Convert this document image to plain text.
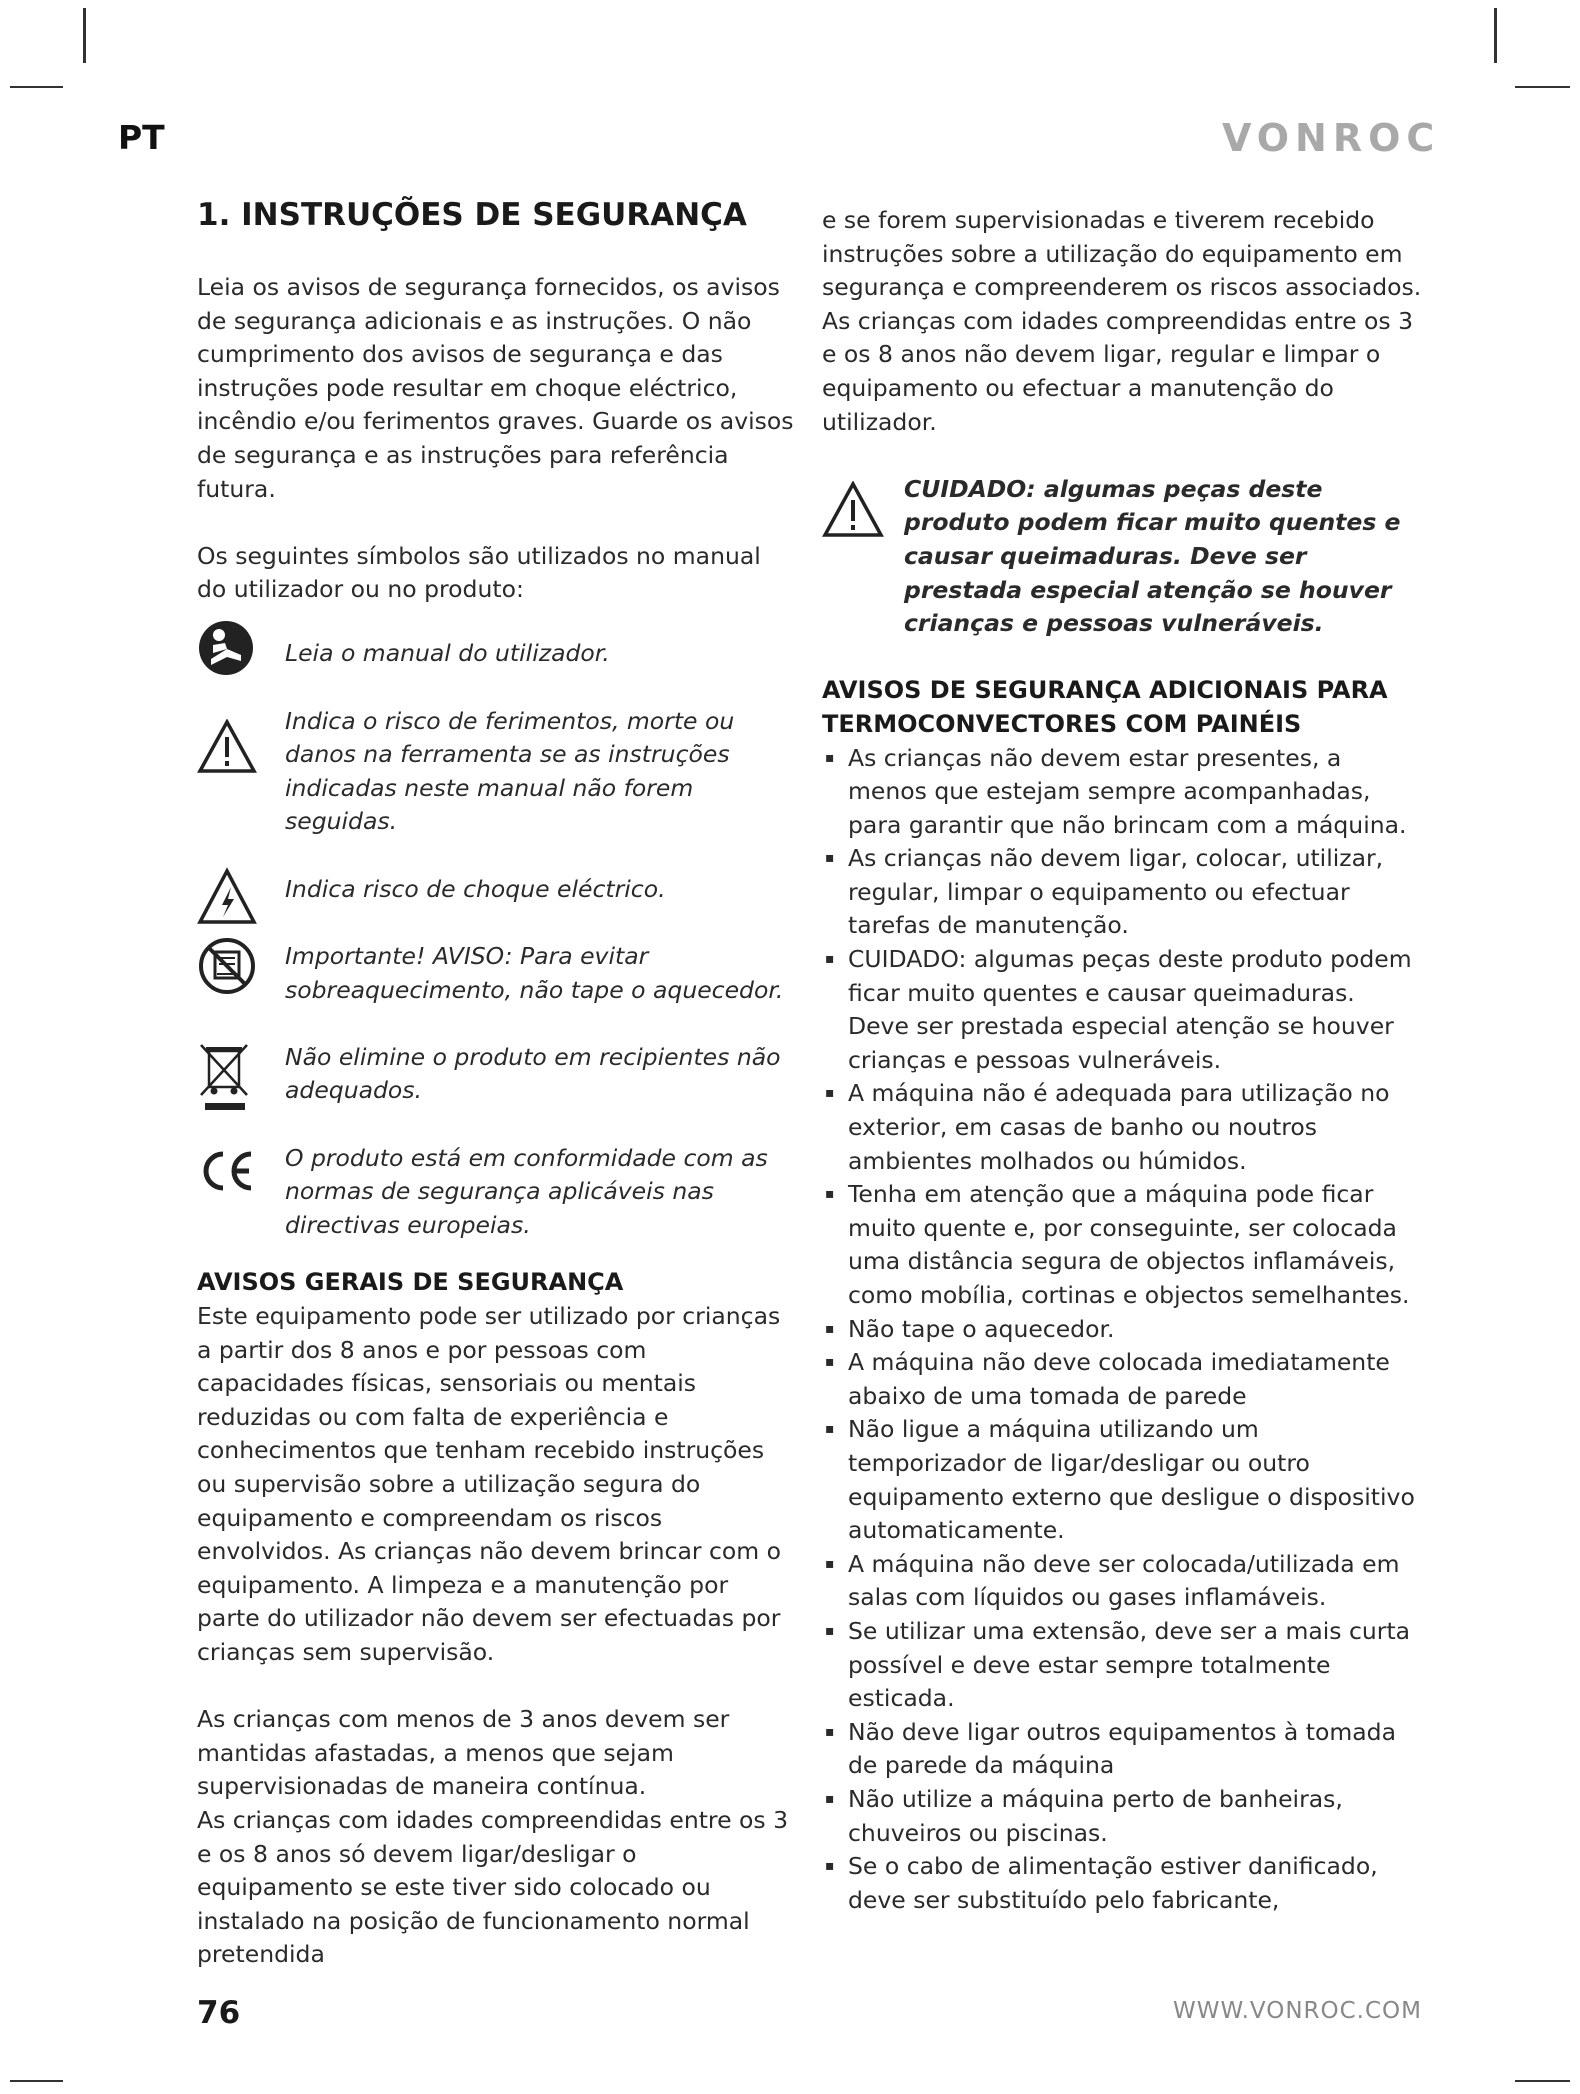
PT	VONROC
1. INSTRUÇÕES DE SEGURANÇA

Leia os avisos de segurança fornecidos, os avisos de segurança adicionais e as instruções. O não cumprimento dos avisos de segurança e das instruções pode resultar em choque eléctrico, incêndio e/ou ferimentos graves. Guarde os avisos de segurança e as instruções para referência futura.

Os seguintes símbolos são utilizados no manual do utilizador ou no produto:

Leia o manual do utilizador.
Indica o risco de ferimentos, morte ou danos na ferramenta se as instruções indicadas neste manual não forem seguidas.
Indica risco de choque eléctrico.
Importante! AVISO: Para evitar sobreaquecimento, não tape o aquecedor.
Não elimine o produto em recipientes não adequados.
O produto está em conformidade com as normas de segurança aplicáveis nas directivas europeias.
AVISOS GERAIS DE SEGURANÇA

Este equipamento pode ser utilizado por crianças a partir dos 8 anos e por pessoas com capacidades físicas, sensoriais ou mentais reduzidas ou com falta de experiência e conhecimentos que tenham recebido instruções ou supervisão sobre a utilização segura do equipamento e compreendam os riscos envolvidos. As crianças não devem brincar com o equipamento. A limpeza e a manutenção por parte do utilizador não devem ser efectuadas por crianças sem supervisão.

As crianças com menos de 3 anos devem ser mantidas afastadas, a menos que sejam supervisionadas de maneira contínua.

As crianças com idades compreendidas entre os 3 e os 8 anos só devem ligar/desligar o equipamento se este tiver sido colocado ou instalado na posição de funcionamento normal pretendida

e se forem supervisionadas e tiverem recebido instruções sobre a utilização do equipamento em segurança e compreenderem os riscos associados.

As crianças com idades compreendidas entre os 3 e os 8 anos não devem ligar, regular e limpar o equipamento ou efectuar a manutenção do utilizador.

CUIDADO: algumas peças deste produto podem ficar muito quentes e causar queimaduras. Deve ser prestada especial atenção se houver crianças e pessoas vulneráveis.
AVISOS DE SEGURANÇA ADICIONAIS PARA TERMOCONVECTORES COM PAINÉIS
▪ As crianças não devem estar presentes, a menos que estejam sempre acompanhadas, para garantir que não brincam com a máquina.
▪ As crianças não devem ligar, colocar, utilizar, regular, limpar o equipamento ou efectuar tarefas de manutenção.
▪ CUIDADO: algumas peças deste produto podem ficar muito quentes e causar queimaduras. Deve ser prestada especial atenção se houver crianças e pessoas vulneráveis.
▪ A máquina não é adequada para utilização no exterior, em casas de banho ou noutros ambientes molhados ou húmidos.
▪ Tenha em atenção que a máquina pode ficar muito quente e, por conseguinte, ser colocada uma distância segura de objectos inflamáveis, como mobília, cortinas e objectos semelhantes.
▪ Não tape o aquecedor.
▪ A máquina não deve colocada imediatamente abaixo de uma tomada de parede
▪ Não ligue a máquina utilizando um temporizador de ligar/desligar ou outro equipamento externo que desligue o dispositivo automaticamente.
▪ A máquina não deve ser colocada/utilizada em salas com líquidos ou gases inflamáveis.
▪ Se utilizar uma extensão, deve ser a mais curta possível e deve estar sempre totalmente esticada.
▪ Não deve ligar outros equipamentos à tomada de parede da máquina
▪ Não utilize a máquina perto de banheiras, chuveiros ou piscinas.
▪ Se o cabo de alimentação estiver danificado, deve ser substituído pelo fabricante,
76	WWW.VONROC.COM
